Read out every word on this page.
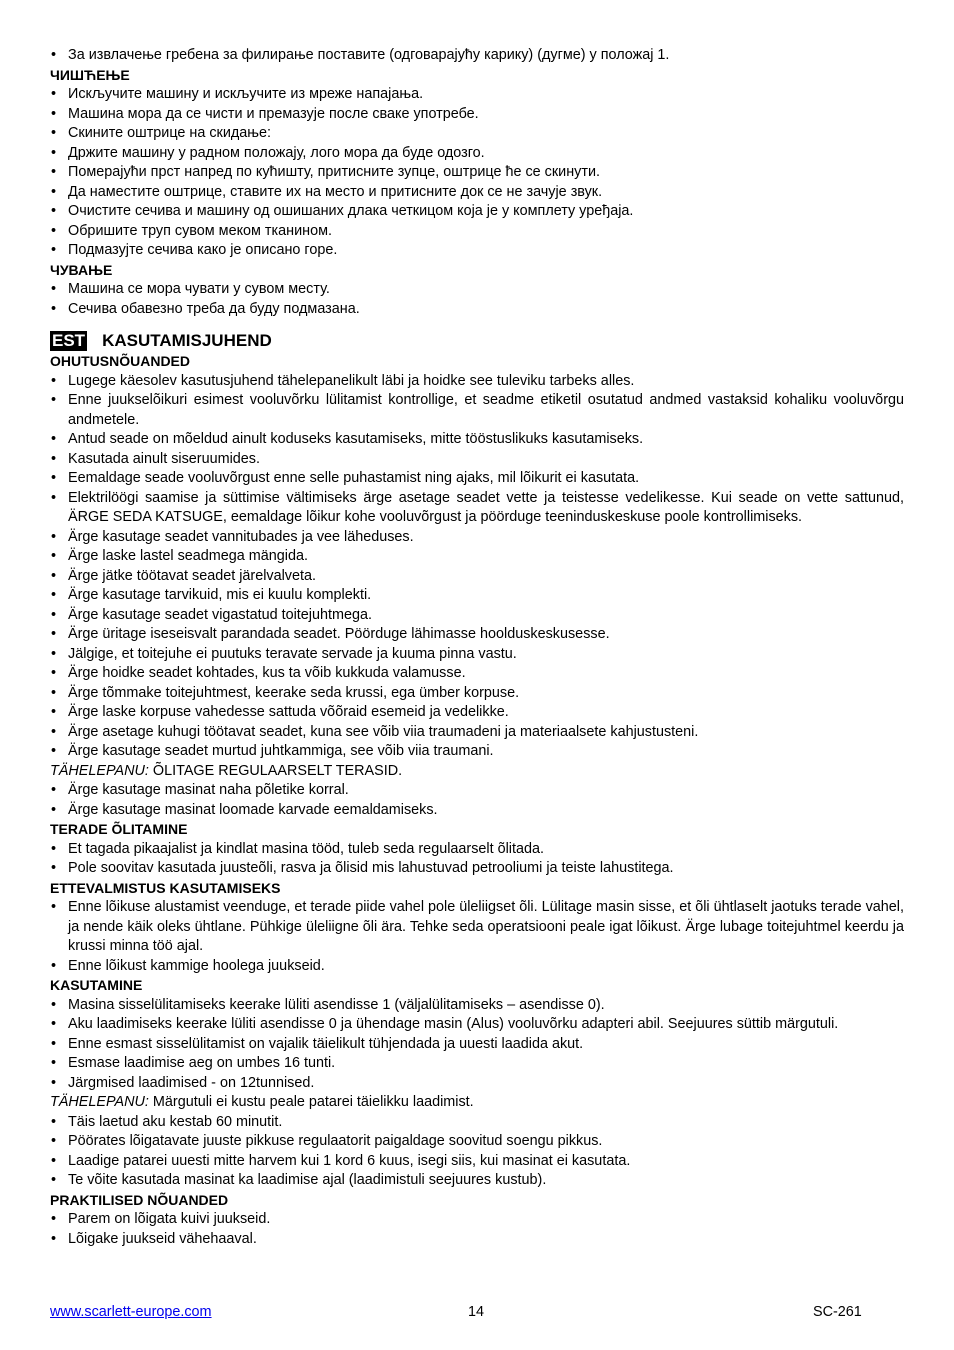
• За извлачење гребена за филирање поставите (одговарајућу карику) (дугме) у положај 1.
ЧИШЋЕЊЕ
• Искључите машину и искључите из мреже напајања.
• Машина мора да се чисти и премазује после сваке употребе.
• Скините оштрице на скидање:
• Држите машину у радном положају, лого мора да буде одозго.
• Померајући прст напред по кућишту, притисните зупце, оштрице ће се скинути.
• Да наместите оштрице, ставите их на место и притисните док се не зачује звук.
• Очистите сечива и машину од ошишаних длака четкицом која је у комплету уређаја.
• Обришите труп сувом меком тканином.
• Подмазујте сечива како је описано горе.
ЧУВАЊЕ
• Машина се мора чувати у сувом месту.
• Сечива обавезно треба да буду подмазана.
EST KASUTAMISJUHEND
OHUTUSNÕUANDED
• Lugege käesolev kasutusjuhend tähelepanelikult läbi ja hoidke see tuleviku tarbeks alles.
• Enne juukselõikuri esimest vooluvõrku lülitamist kontrollige, et seadme etiketil osutatud andmed vastaksid kohaliku vooluvõrgu andmetele.
• Antud seade on mõeldud ainult koduseks kasutamiseks, mitte tööstuslikuks kasutamiseks.
• Kasutada ainult siseruumides.
• Eemaldage seade vooluvõrgust enne selle puhastamist ning ajaks, mil lõikurit ei kasutata.
• Elektrilöögi saamise ja süttimise vältimiseks ärge asetage seadet vette ja teistesse vedelikesse. Kui seade on vette sattunud, ÄRGE SEDA KATSUGE, eemaldage lõikur kohe vooluvõrgust ja pöörduge teeninduskeskuse poole kontrollimiseks.
• Ärge kasutage seadet vannitubades ja vee läheduses.
• Ärge laske lastel seadmega mängida.
• Ärge jätke töötavat seadet järelvalveta.
• Ärge kasutage tarvikuid, mis ei kuulu komplekti.
• Ärge kasutage seadet vigastatud toitejuhtmega.
• Ärge üritage iseseisvalt parandada seadet. Pöörduge lähimasse hoolduskeskusesse.
• Jälgige, et toitejuhe ei puutuks teravate servade ja kuuma pinna vastu.
• Ärge hoidke seadet kohtades, kus ta võib kukkuda valamusse.
• Ärge tõmmake toitejuhtmest, keerake seda krussi, ega ümber korpuse.
• Ärge laske korpuse vahedesse sattuda võõraid esemeid ja vedelikke.
• Ärge asetage kuhugi töötavat seadet, kuna see võib viia traumadeni ja materiaalsete kahjustusteni.
• Ärge kasutage seadet murtud juhtkammiga, see võib viia traumani.
TÄHELEPANU: ÕLITAGE REGULAARSELT TERASID.
• Ärge kasutage masinat naha põletike korral.
• Ärge kasutage masinat loomade karvade eemaldamiseks.
TERADE ÕLITAMINE
• Et tagada pikaajalist ja kindlat masina tööd, tuleb seda regulaarselt õlitada.
• Pole soovitav kasutada juusteõli, rasva ja õlisid mis lahustuvad petrooliumi ja teiste lahustitega.
ETTEVALMISTUS KASUTAMISEKS
• Enne lõikuse alustamist veenduge, et terade piide vahel pole üleliigset õli. Lülitage masin sisse, et õli ühtlaselt jaotuks terade vahel, ja nende käik oleks ühtlane. Pühkige üleliigne õli ära. Tehke seda operatsiooni peale igat lõikust. Ärge lubage toitejuhtmel keerdu ja krussi minna töö ajal.
• Enne lõikust kammige hoolega juukseid.
KASUTAMINE
• Masina sisselülitamiseks keerake lüliti asendisse 1 (väljalülitamiseks – asendisse 0).
• Aku laadimiseks keerake lüliti asendisse 0 ja ühendage masin (Alus) vooluvõrku adapteri abil. Seejuures süttib märgutuli.
• Enne esmast sisselülitamist on vajalik täielikult tühjendada ja uuesti laadida akut.
• Esmase laadimise aeg on umbes 16 tunti.
• Järgmised laadimised - on 12tunnised.
TÄHELEPANU: Märgutuli ei kustu peale patarei täielikku laadimist.
• Täis laetud aku kestab 60 minutit.
• Pöörates lõigatavate juuste pikkuse regulaatorit paigaldage soovitud soengu pikkus.
• Laadige patarei uuesti mitte harvem kui 1 kord 6 kuus, isegi siis, kui masinat ei kasutata.
• Te võite kasutada masinat ka laadimise ajal (laadimistuli seejuures kustub).
PRAKTILISED NÕUANDED
• Parem on lõigata kuivi juukseid.
• Lõigake juukseid vähehaaval.
www.scarlett-europe.com	14	SC-261
